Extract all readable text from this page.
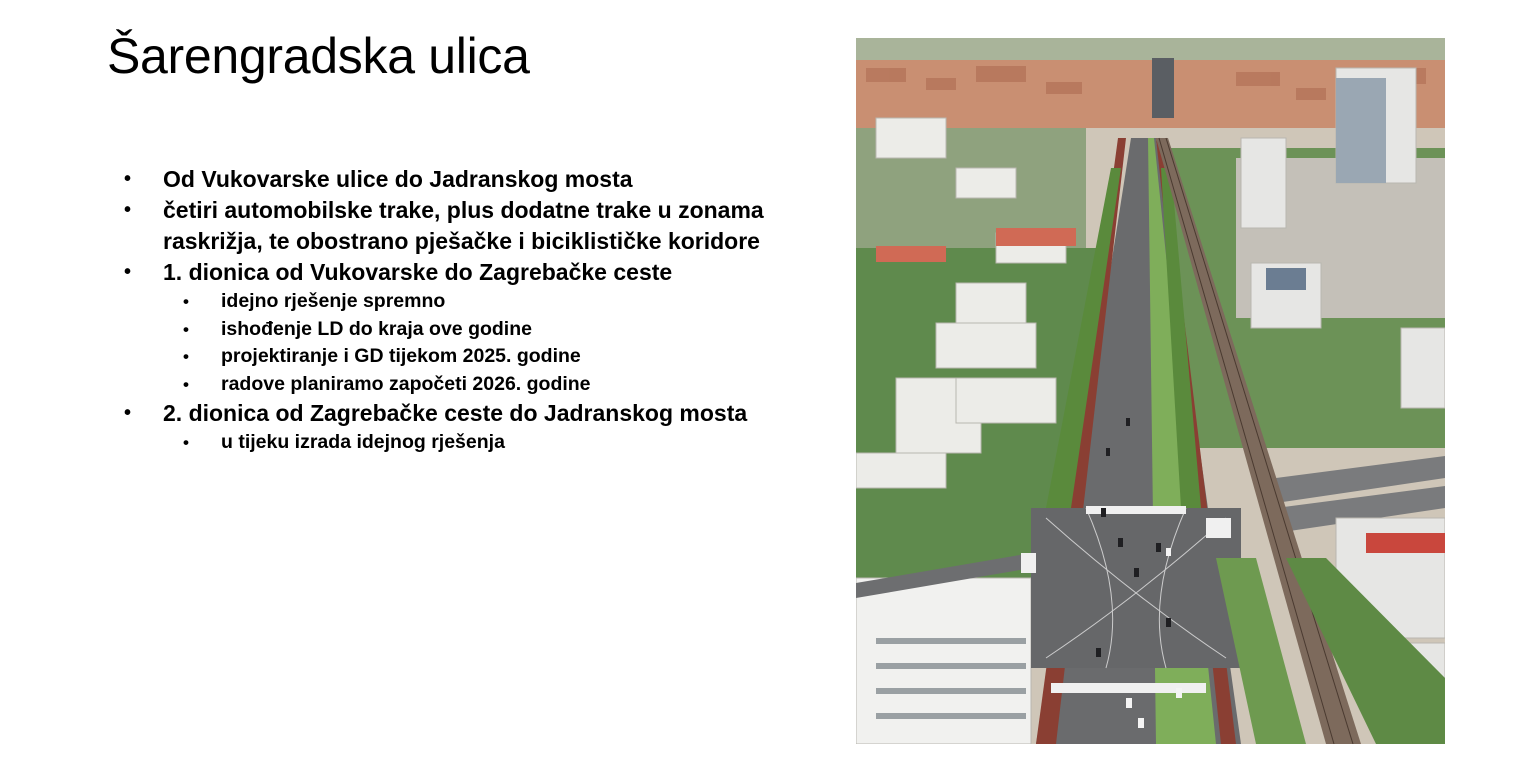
Šarengradska ulica
• Od Vukovarske ulice do Jadranskog mosta
• četiri automobilske trake, plus dodatne trake u zonama raskrižja, te obostrano pješačke i biciklističke koridore
• 1. dionica od Vukovarske do Zagrebačke ceste
• idejno rješenje spremno
• ishođenje LD do kraja ove godine
• projektiranje i GD tijekom 2025. godine
• radove planiramo započeti 2026. godine
• 2. dionica od Zagrebačke ceste do Jadranskog mosta
• u tijeku izrada idejnog rješenja
